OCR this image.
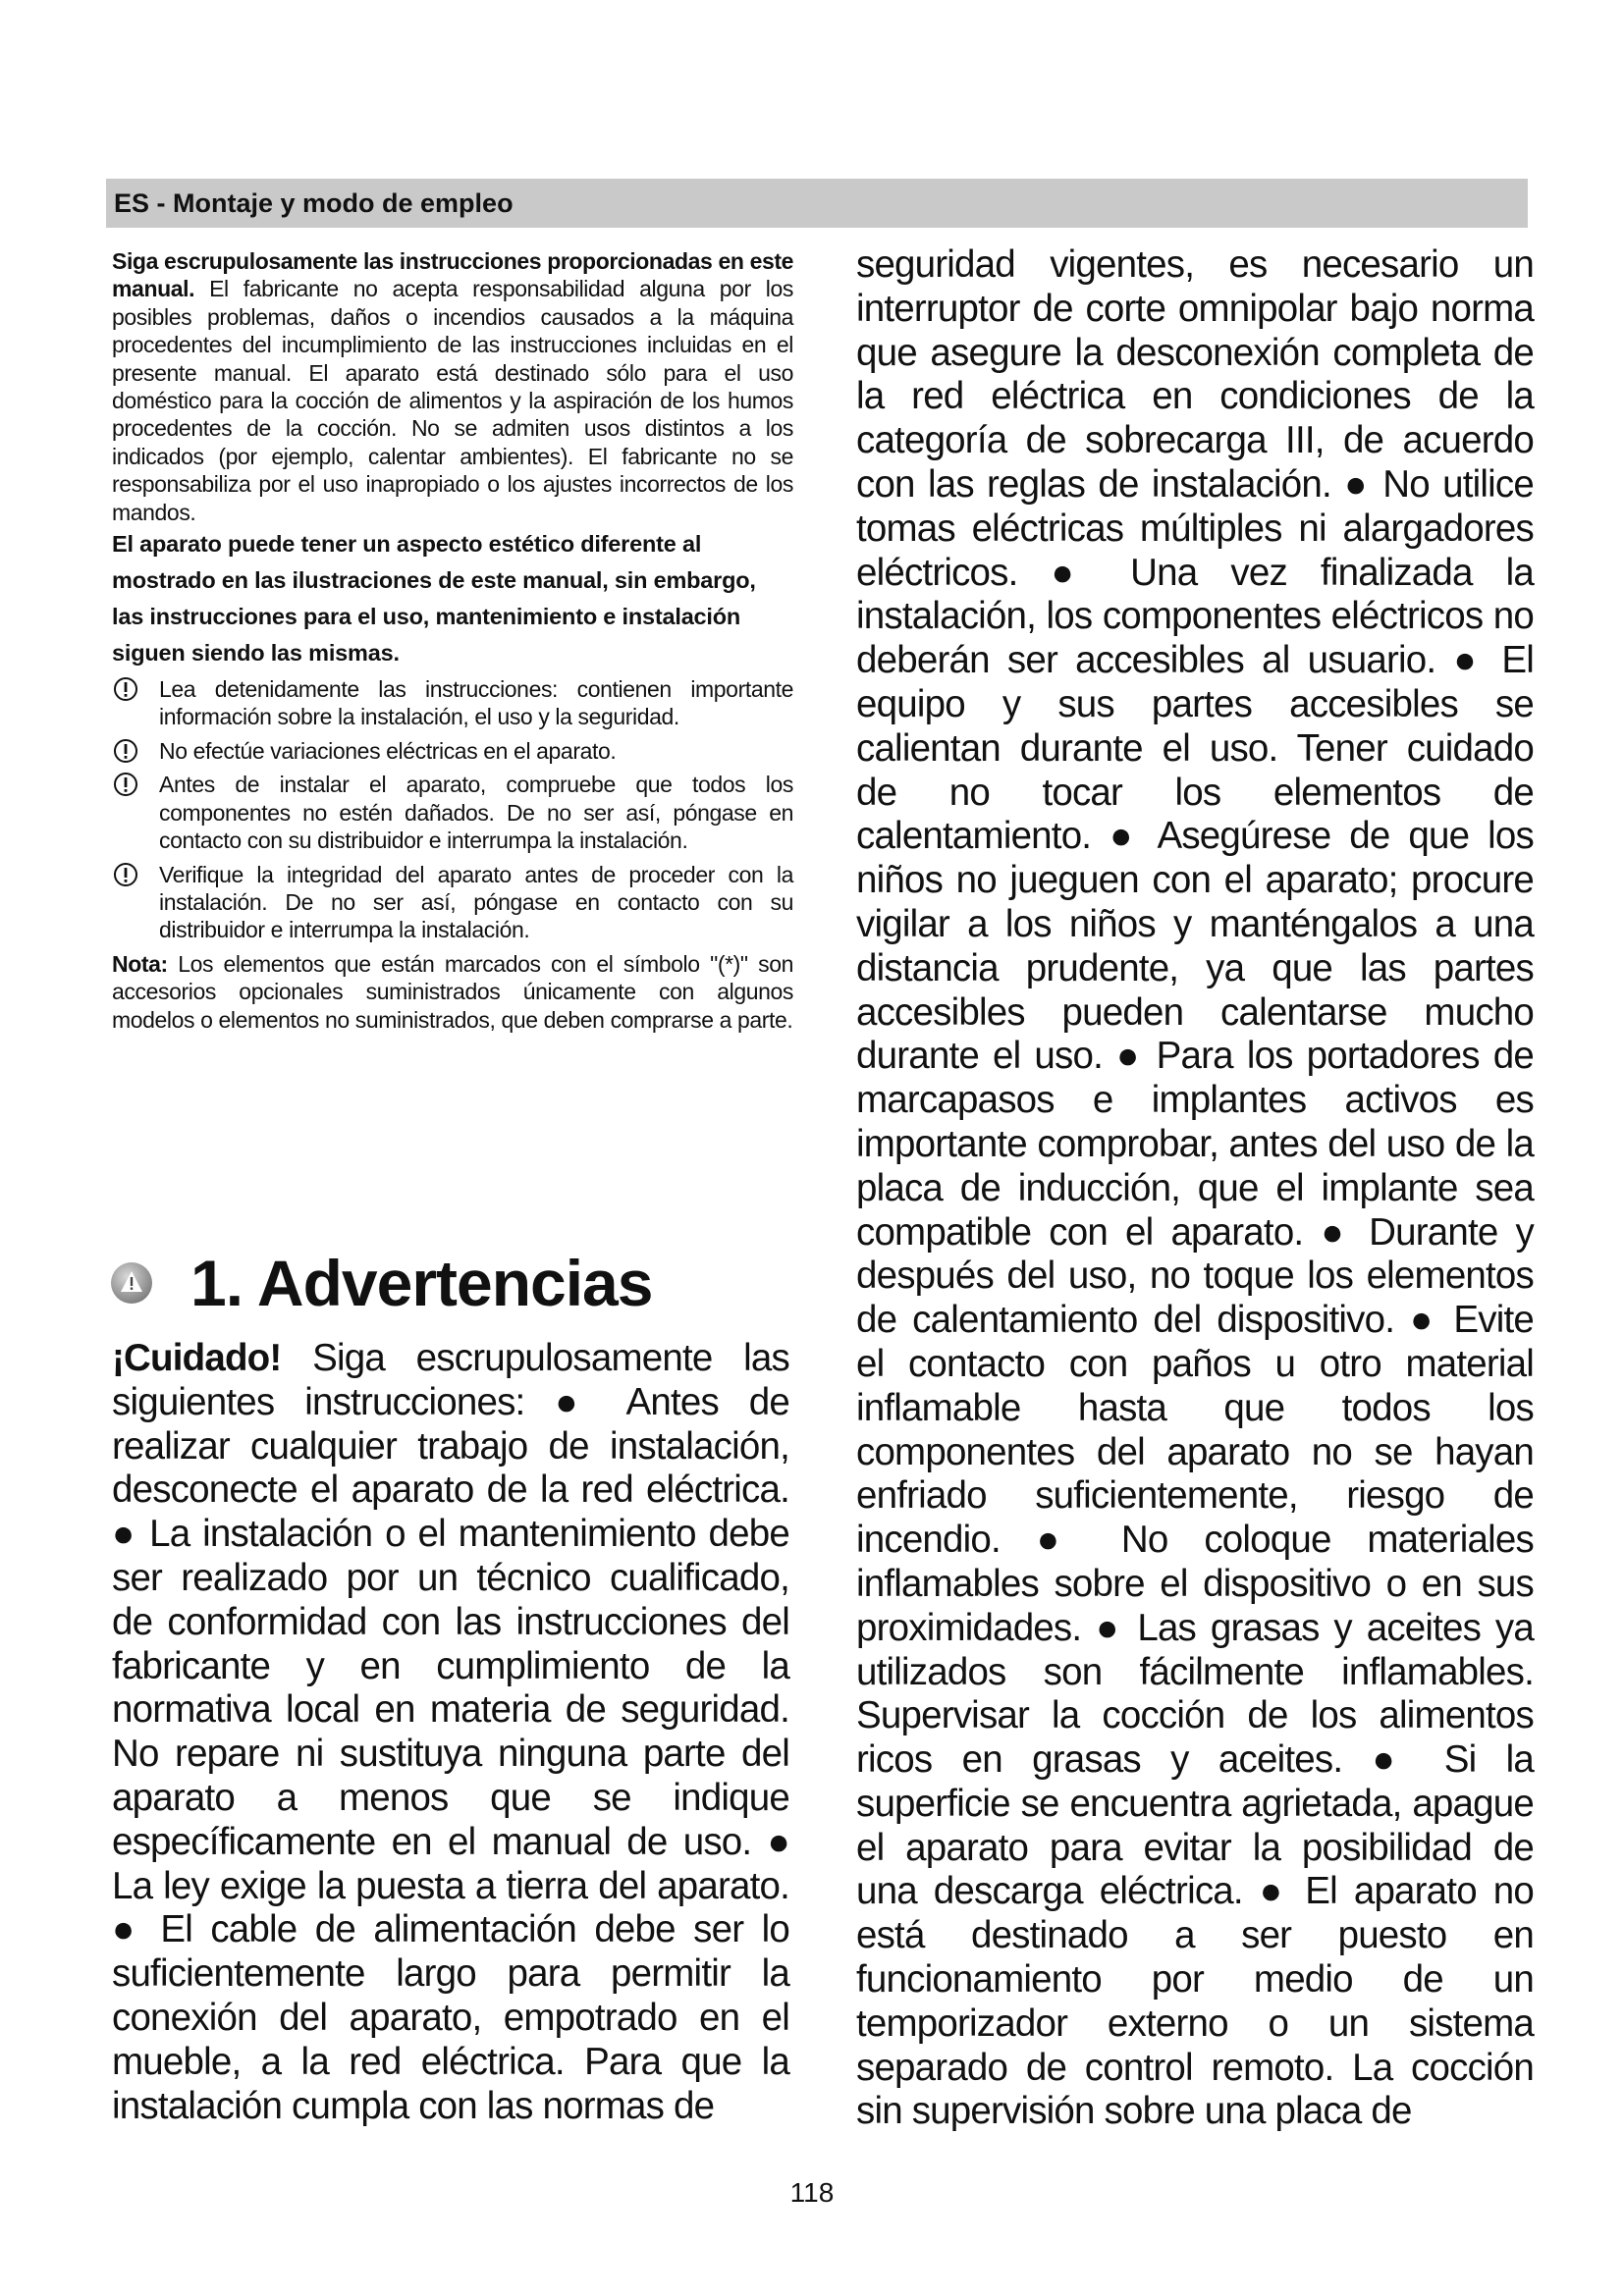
ES - Montaje y modo de empleo

Siga escrupulosamente las instrucciones proporcionadas en este manual. El fabricante no acepta responsabilidad alguna por los posibles problemas, daños o incendios causados a la máquina procedentes del incumplimiento de las instrucciones incluidas en el presente manual. El aparato está destinado sólo para el uso doméstico para la cocción de alimentos y la aspiración de los humos procedentes de la cocción. No se admiten usos distintos a los indicados (por ejemplo, calentar ambientes). El fabricante no se responsabiliza por el uso inapropiado o los ajustes incorrectos de los mandos.

El aparato puede tener un aspecto estético diferente al mostrado en las ilustraciones de este manual, sin embargo, las instrucciones para el uso, mantenimiento e instalación siguen siendo las mismas.

Lea detenidamente las instrucciones: contienen importante información sobre la instalación, el uso y la seguridad.

No efectúe variaciones eléctricas en el aparato.

Antes de instalar el aparato, compruebe que todos los componentes no estén dañados. De no ser así, póngase en contacto con su distribuidor e interrumpa la instalación.

Verifique la integridad del aparato antes de proceder con la instalación. De no ser así, póngase en contacto con su distribuidor e interrumpa la instalación.

Nota: Los elementos que están marcados con el símbolo "(*)" son accesorios opcionales suministrados únicamente con algunos modelos o elementos no suministrados, que deben comprarse a parte.

1. Advertencias

¡Cuidado! Siga escrupulosamente las siguientes instrucciones: ● Antes de realizar cualquier trabajo de instalación, desconecte el aparato de la red eléctrica. ● La instalación o el mantenimiento debe ser realizado por un técnico cualificado, de conformidad con las instrucciones del fabricante y en cumplimiento de la normativa local en materia de seguridad. No repare ni sustituya ninguna parte del aparato a menos que se indique específicamente en el manual de uso. ● La ley exige la puesta a tierra del aparato. ● El cable de alimentación debe ser lo suficientemente largo para permitir la conexión del aparato, empotrado en el mueble, a la red eléctrica. Para que la instalación cumpla con las normas de

seguridad vigentes, es necesario un interruptor de corte omnipolar bajo norma que asegure la desconexión completa de la red eléctrica en condiciones de la categoría de sobrecarga III, de acuerdo con las reglas de instalación. ● No utilice tomas eléctricas múltiples ni alargadores eléctricos. ● Una vez finalizada la instalación, los componentes eléctricos no deberán ser accesibles al usuario. ● El equipo y sus partes accesibles se calientan durante el uso. Tener cuidado de no tocar los elementos de calentamiento. ● Asegúrese de que los niños no jueguen con el aparato; procure vigilar a los niños y manténgalos a una distancia prudente, ya que las partes accesibles pueden calentarse mucho durante el uso. ● Para los portadores de marcapasos e implantes activos es importante comprobar, antes del uso de la placa de inducción, que el implante sea compatible con el aparato. ● Durante y después del uso, no toque los elementos de calentamiento del dispositivo. ● Evite el contacto con paños u otro material inflamable hasta que todos los componentes del aparato no se hayan enfriado suficientemente, riesgo de incendio. ● No coloque materiales inflamables sobre el dispositivo o en sus proximidades. ● Las grasas y aceites ya utilizados son fácilmente inflamables. Supervisar la cocción de los alimentos ricos en grasas y aceites. ● Si la superficie se encuentra agrietada, apague el aparato para evitar la posibilidad de una descarga eléctrica. ● El aparato no está destinado a ser puesto en funcionamiento por medio de un temporizador externo o un sistema separado de control remoto. La cocción sin supervisión sobre una placa de

118
